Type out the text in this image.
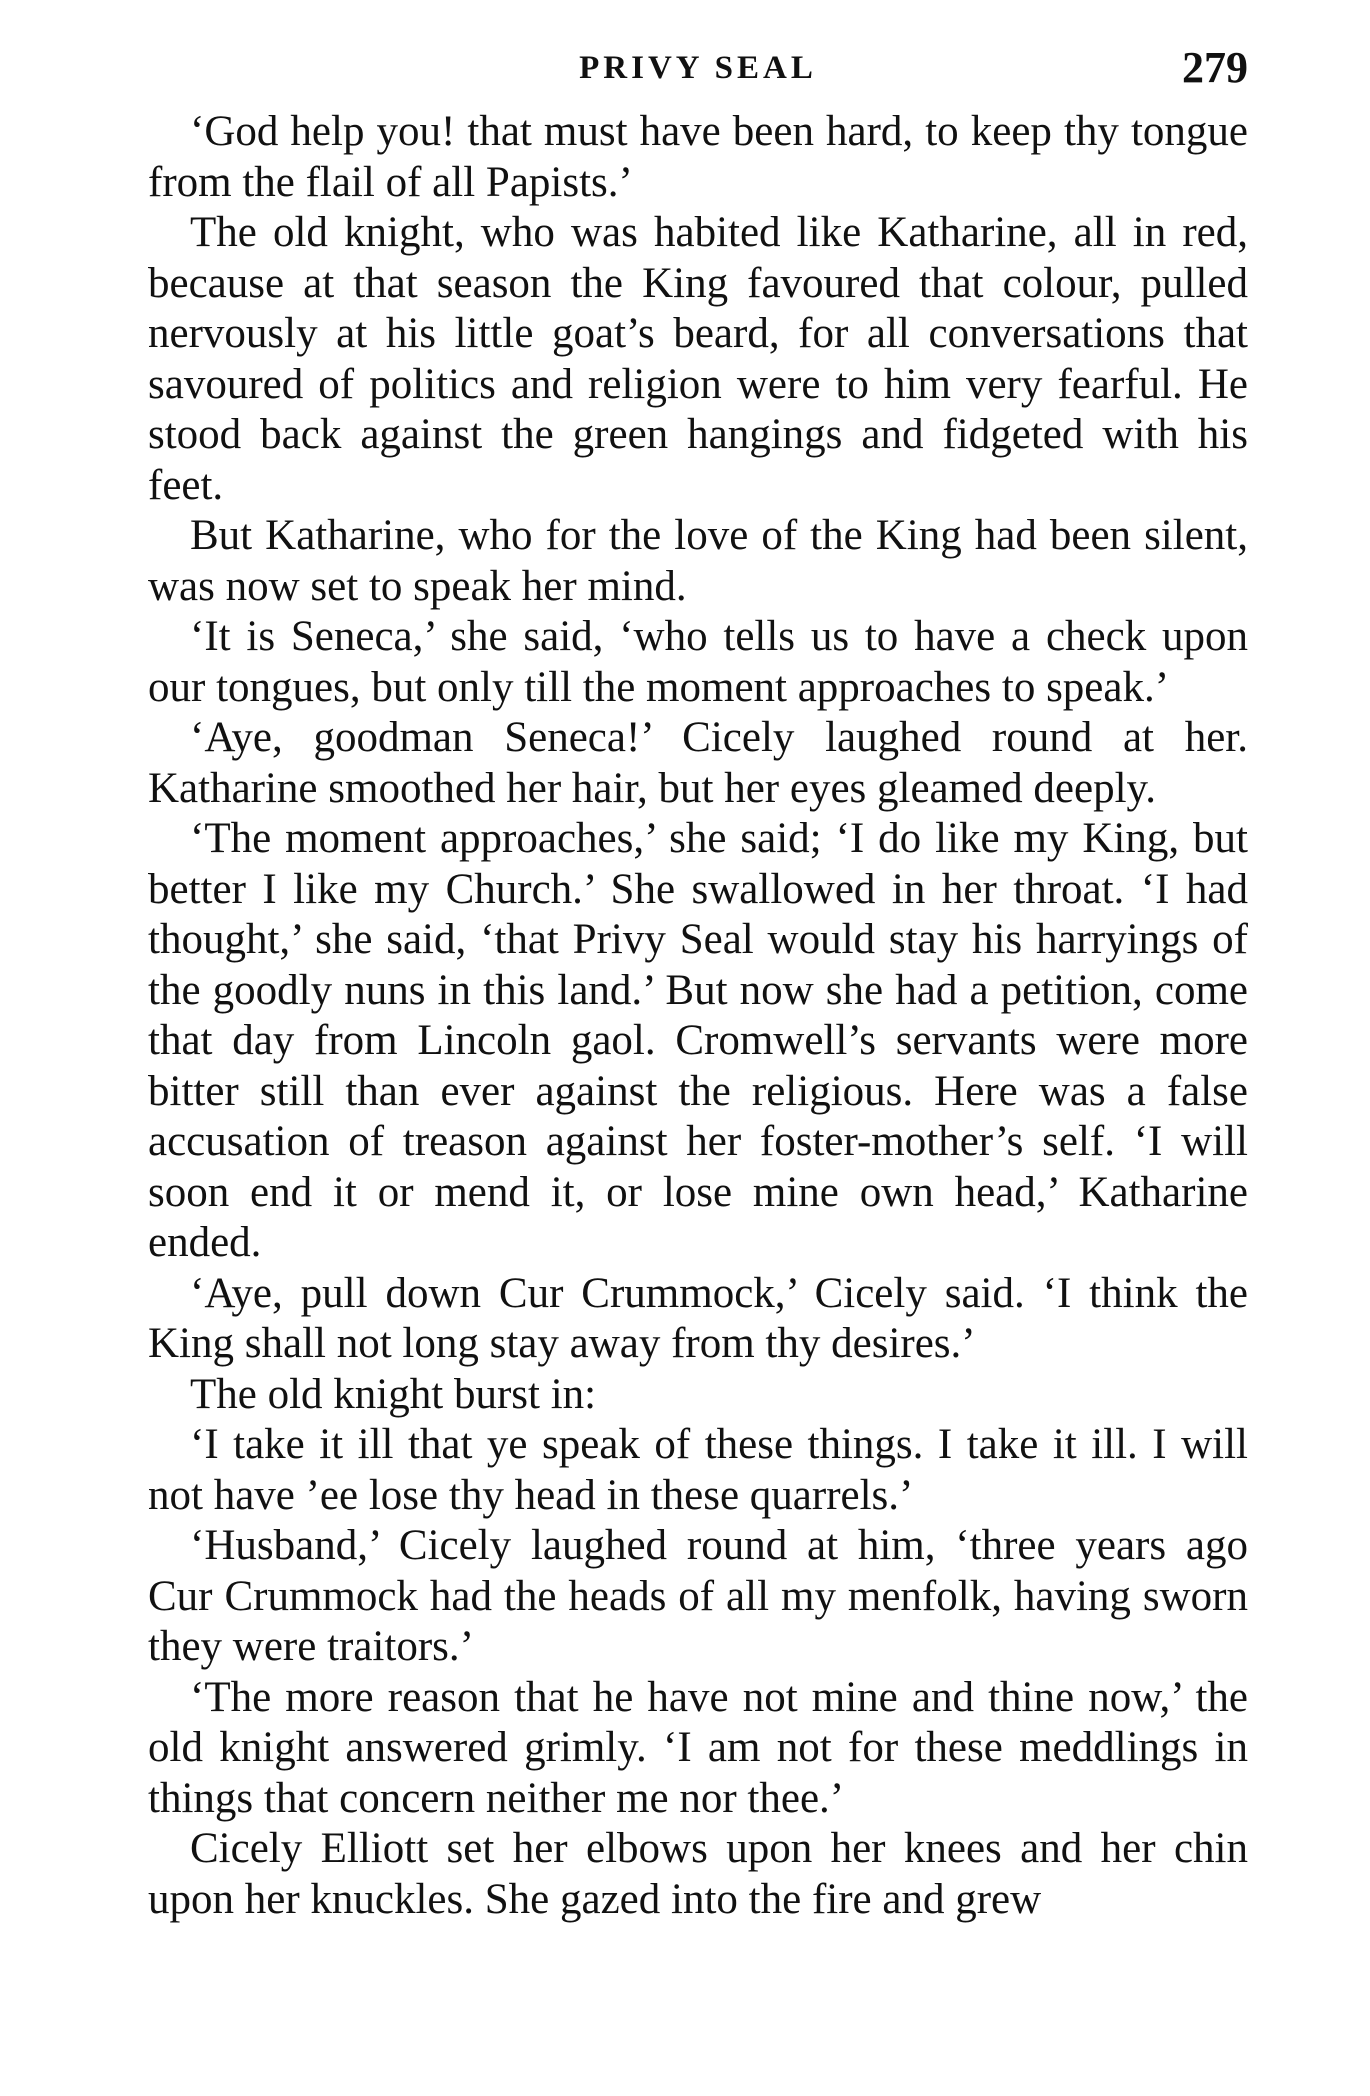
PRIVY SEAL	279

‘God help you! that must have been hard, to keep thy tongue from the flail of all Papists.’

The old knight, who was habited like Katharine, all in red, because at that season the King favoured that colour, pulled nervously at his little goat’s beard, for all conversations that savoured of politics and religion were to him very fearful. He stood back against the green hangings and fidgeted with his feet.

But Katharine, who for the love of the King had been silent, was now set to speak her mind.

‘It is Seneca,’ she said, ‘who tells us to have a check upon our tongues, but only till the moment approaches to speak.’

‘Aye, goodman Seneca!’ Cicely laughed round at her. Katharine smoothed her hair, but her eyes gleamed deeply.

‘The moment approaches,’ she said; ‘I do like my King, but better I like my Church.’ She swallowed in her throat. ‘I had thought,’ she said, ‘that Privy Seal would stay his harryings of the goodly nuns in this land.’ But now she had a petition, come that day from Lincoln gaol. Cromwell’s servants were more bitter still than ever against the religious. Here was a false accusation of treason against her foster-mother’s self. ‘I will soon end it or mend it, or lose mine own head,’ Katharine ended.

‘Aye, pull down Cur Crummock,’ Cicely said. ‘I think the King shall not long stay away from thy desires.’

The old knight burst in:

‘I take it ill that ye speak of these things. I take it ill. I will not have ’ee lose thy head in these quarrels.’

‘Husband,’ Cicely laughed round at him, ‘three years ago Cur Crummock had the heads of all my menfolk, having sworn they were traitors.’

‘The more reason that he have not mine and thine now,’ the old knight answered grimly. ‘I am not for these meddlings in things that concern neither me nor thee.’

Cicely Elliott set her elbows upon her knees and her chin upon her knuckles. She gazed into the fire and grew
